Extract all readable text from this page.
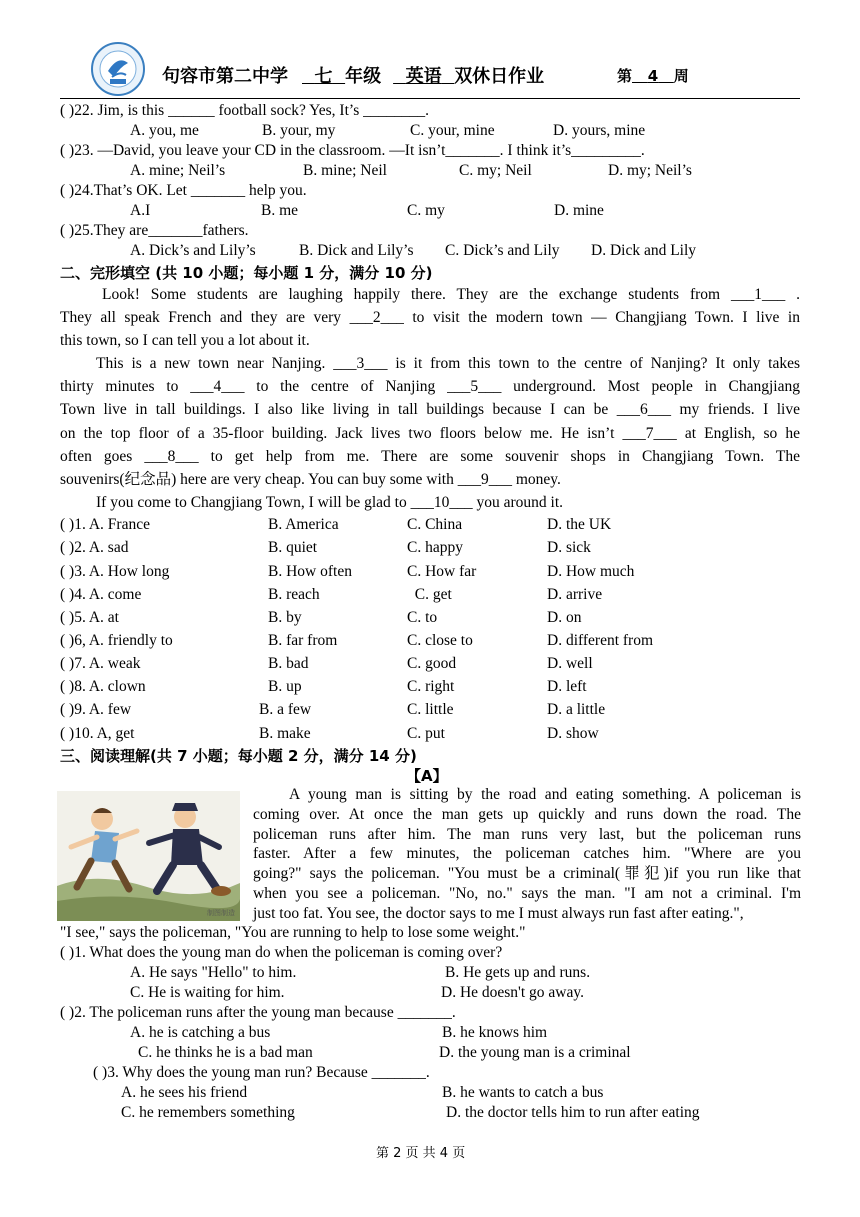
句容市第二中学 七 年级 英语 双休日作业	第 4 周
( )22. Jim, is this ______ football sock? Yes, It’s ________.
A. you, me	B. your, my	C. your, mine	D. yours, mine
( )23. —David, you leave your CD in the classroom. —It isn’t_______. I think it’s_________.
A. mine; Neil’s	B. mine; Neil	C. my; Neil	D. my; Neil’s
( )24.That’s OK. Let _______ help you.
A.I	B. me	C. my	D. mine
( )25.They are_______fathers.
A. Dick’s and Lily’s	B. Dick and Lily’s C. Dick’s and Lily D. Dick and Lily
二、完形填空 (共 10 小题；每小题 1 分，满分 10 分)
Look! Some students are laughing happily there. They are the exchange students from ___1___ .
They all speak French and they are very ___2___ to visit the modern town — Changjiang Town. I live in
this town, so I can tell you a lot about it.
This is a new town near Nanjing. ___3___ is it from this town to the centre of Nanjing? It only takes
thirty minutes to ___4___ to the centre of Nanjing ___5___ underground. Most people in Changjiang
Town live in tall buildings. I also like living in tall buildings because I can be ___6___ my friends. I live
on the top floor of a 35-floor building. Jack lives two floors below me. He isn’t ___7___ at English, so he
often goes ___8___ to get help from me. There are some souvenir shops in Changjiang Town. The
souvenirs(纪念品) here are very cheap. You can buy some with ___9___ money.
If you come to Changjiang Town, I will be glad to ___10___ you around it.
( )1. A. France	B. America	C. China	D. the UK
( )2. A. sad	B. quiet	C. happy	D. sick
( )3. A. How long	B. How often	C. How far	D. How much
( )4. A. come	B. reach	C. get	D. arrive
( )5. A. at	B. by	C. to	D. on
( )6, A. friendly to	B. far from	C. close to	D. different from
( )7. A. weak	B. bad	C. good	D. well
( )8. A. clown	B. up	C. right	D. left
( )9. A. few	B. a few	C. little	D. a little
( )10. A, get	B. make	C. put	D. show
三、阅读理解(共 7 小题；每小题 2 分，满分 14 分)
【A】
制图制造
A young man is sitting by the road and eating something. A policeman is
coming over. At once the man gets up quickly and runs down the road. The
policeman runs after him. The man runs very last, but the policeman runs
faster. After a few minutes, the policeman catches him. "Where are you
going?" says the policeman. "You must be a criminal(罪犯)if you run like that
when you see a policeman. "No, no." says the man. "I am not a criminal. I'm
just too fat. You see, the doctor says to me I must always run fast after eating.",
"I see," says the policeman, "You are running to help to lose some weight."
( )1. What does the young man do when the policeman is coming over?
A. He says "Hello" to him.	B. He gets up and runs.
C. He is waiting for him.	D. He doesn't go away.
( )2. The policeman runs after the young man because _______.
A. he is catching a bus	B. he knows him
C. he thinks he is a bad man	D. the young man is a criminal
( )3. Why does the young man run? Because _______.
A. he sees his friend	B. he wants to catch a bus
C. he remembers something	D. the doctor tells him to run after eating
第 2 页 共 4 页
